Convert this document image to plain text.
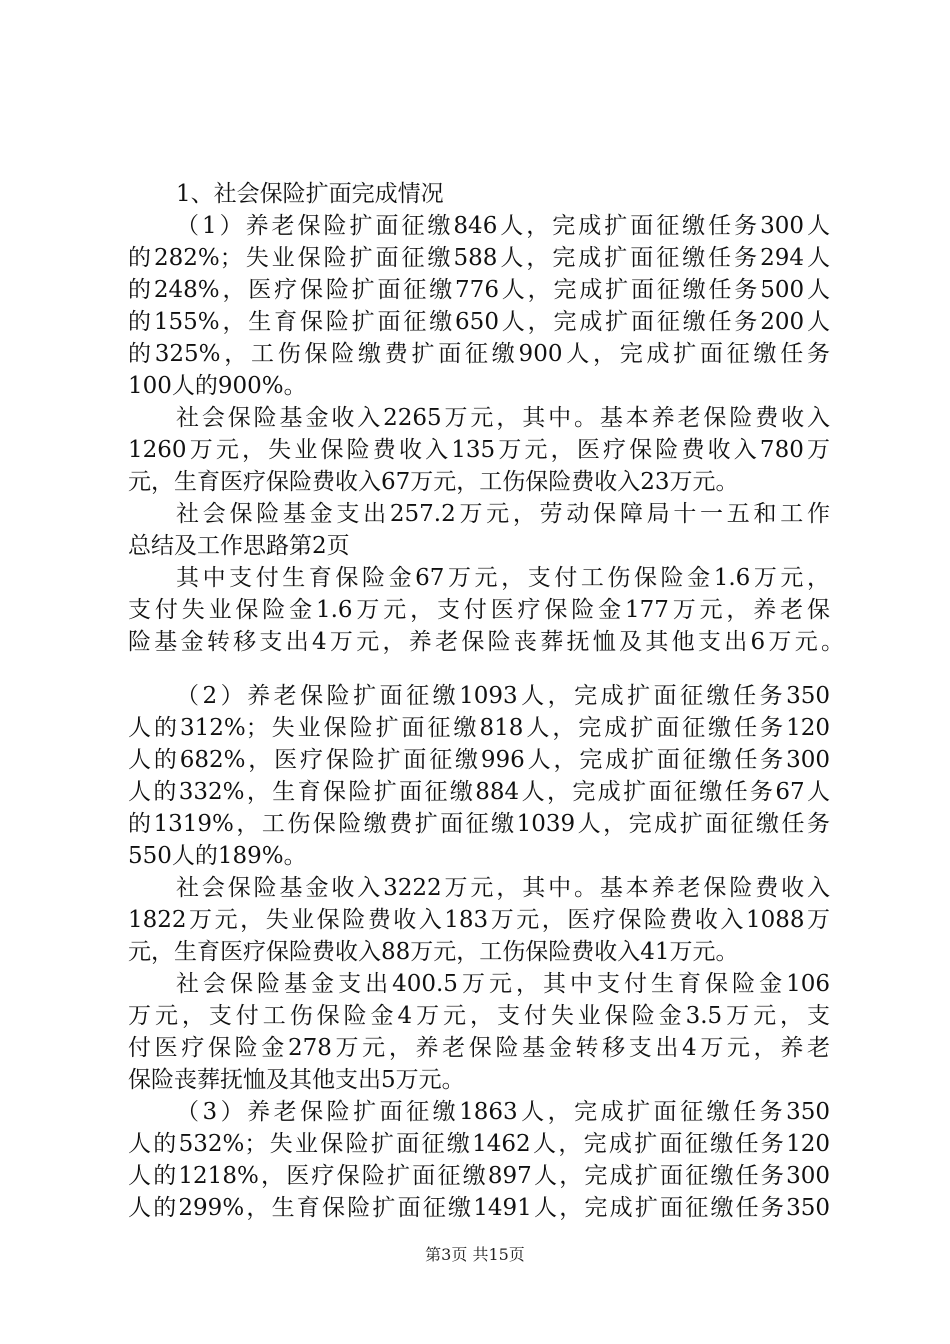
1、社会保险扩面完成情况
（1）养老保险扩面征缴846人，完成扩面征缴任务300人
的282%；失业保险扩面征缴588人，完成扩面征缴任务294人
的248%，医疗保险扩面征缴776人，完成扩面征缴任务500人
的155%，生育保险扩面征缴650人，完成扩面征缴任务200人
的325%，工伤保险缴费扩面征缴900人，完成扩面征缴任务
100人的900%。
社会保险基金收入2265万元，其中。基本养老保险费收入
1260万元，失业保险费收入135万元，医疗保险费收入780万
元，生育医疗保险费收入67万元，工伤保险费收入23万元。
社会保险基金支出257.2万元，劳动保障局十一五和工作
总结及工作思路第2页
其中支付生育保险金67万元，支付工伤保险金1.6万元，
支付失业保险金1.6万元，支付医疗保险金177万元，养老保
险基金转移支出4万元，养老保险丧葬抚恤及其他支出6万元。
（2）养老保险扩面征缴1093人，完成扩面征缴任务350
人的312%；失业保险扩面征缴818人，完成扩面征缴任务120
人的682%，医疗保险扩面征缴996人，完成扩面征缴任务300
人的332%，生育保险扩面征缴884人，完成扩面征缴任务67人
的1319%，工伤保险缴费扩面征缴1039人，完成扩面征缴任务
550人的189%。
社会保险基金收入3222万元，其中。基本养老保险费收入
1822万元，失业保险费收入183万元，医疗保险费收入1088万
元，生育医疗保险费收入88万元，工伤保险费收入41万元。
社会保险基金支出400.5万元，其中支付生育保险金106
万元，支付工伤保险金4万元，支付失业保险金3.5万元，支
付医疗保险金278万元，养老保险基金转移支出4万元，养老
保险丧葬抚恤及其他支出5万元。
（3）养老保险扩面征缴1863人，完成扩面征缴任务350
人的532%；失业保险扩面征缴1462人，完成扩面征缴任务120
人的1218%，医疗保险扩面征缴897人，完成扩面征缴任务300
人的299%，生育保险扩面征缴1491人，完成扩面征缴任务350
第3页 共15页
